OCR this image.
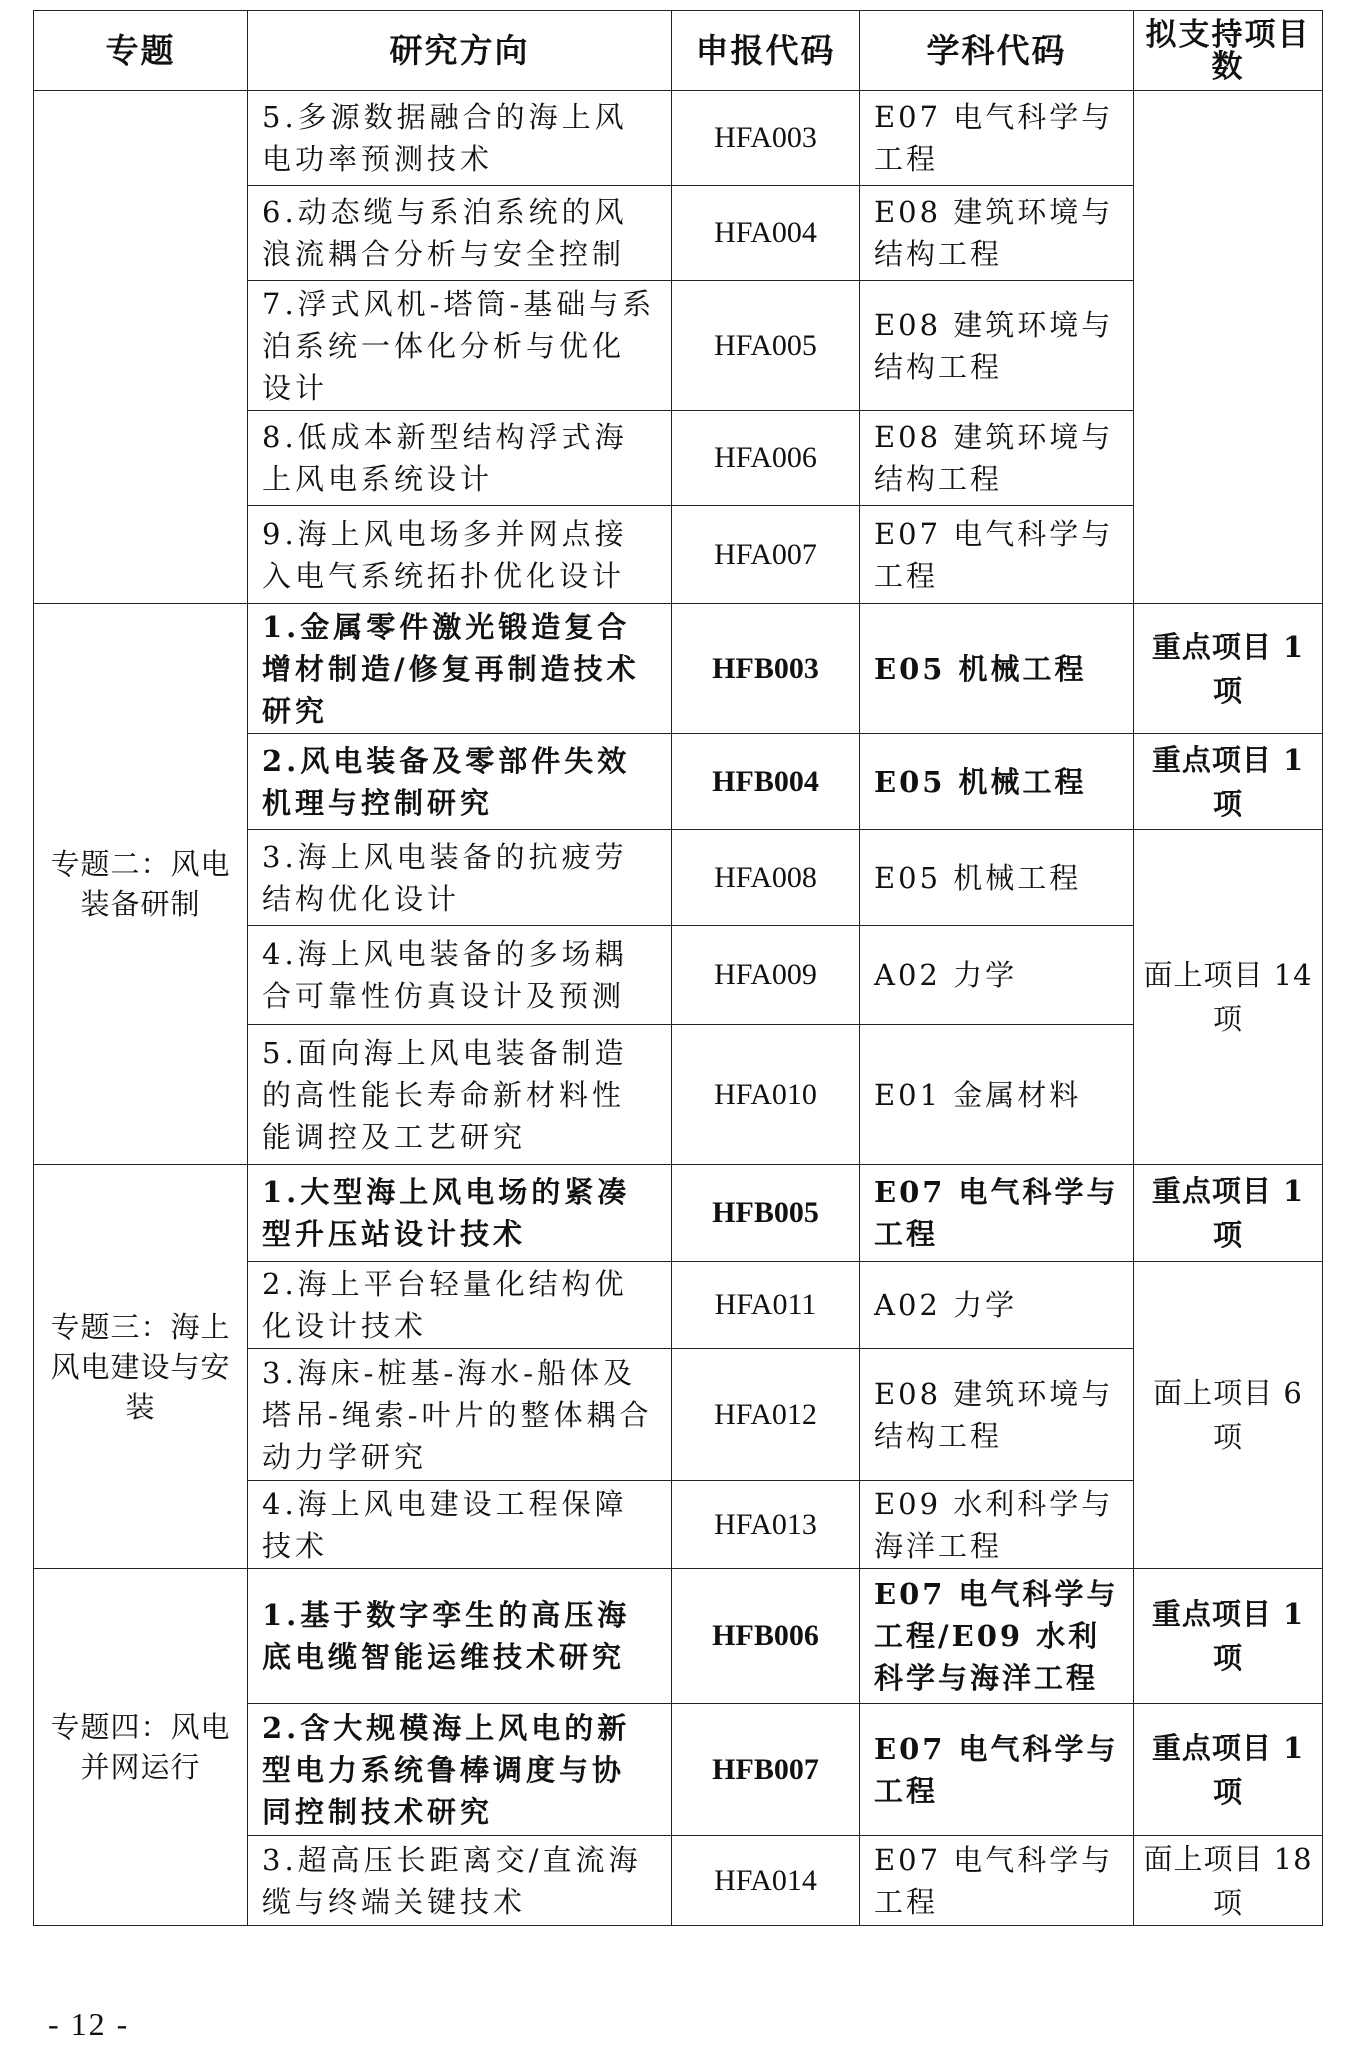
专题	研究方向	申报代码	学科代码	拟支持项目数
	5.多源数据融合的海上风电功率预测技术	HFA003	E07 电气科学与工程	
	6.动态缆与系泊系统的风浪流耦合分析与安全控制	HFA004	E08 建筑环境与结构工程	
	7.浮式风机-塔筒-基础与系泊系统一体化分析与优化设计	HFA005	E08 建筑环境与结构工程	
	8.低成本新型结构浮式海上风电系统设计	HFA006	E08 建筑环境与结构工程	
	9.海上风电场多并网点接入电气系统拓扑优化设计	HFA007	E07 电气科学与工程	
专题二：风电装备研制	1.金属零件激光锻造复合增材制造/修复再制造技术研究	HFB003	E05 机械工程	重点项目 1 项
	2.风电装备及零部件失效机理与控制研究	HFB004	E05 机械工程	重点项目 1 项
	3.海上风电装备的抗疲劳结构优化设计	HFA008	E05 机械工程	面上项目 14 项
	4.海上风电装备的多场耦合可靠性仿真设计及预测	HFA009	A02 力学	
	5.面向海上风电装备制造的高性能长寿命新材料性能调控及工艺研究	HFA010	E01 金属材料	
专题三：海上风电建设与安装	1.大型海上风电场的紧凑型升压站设计技术	HFB005	E07 电气科学与工程	重点项目 1 项
	2.海上平台轻量化结构优化设计技术	HFA011	A02 力学	面上项目 6 项
	3.海床-桩基-海水-船体及塔吊-绳索-叶片的整体耦合动力学研究	HFA012	E08 建筑环境与结构工程	
	4.海上风电建设工程保障技术	HFA013	E09 水利科学与海洋工程	
专题四：风电并网运行	1.基于数字孪生的高压海底电缆智能运维技术研究	HFB006	E07 电气科学与工程/E09 水利科学与海洋工程	重点项目 1 项
	2.含大规模海上风电的新型电力系统鲁棒调度与协同控制技术研究	HFB007	E07 电气科学与工程	重点项目 1 项
	3.超高压长距离交/直流海缆与终端关键技术	HFA014	E07 电气科学与工程	面上项目 18 项
- 12 -
